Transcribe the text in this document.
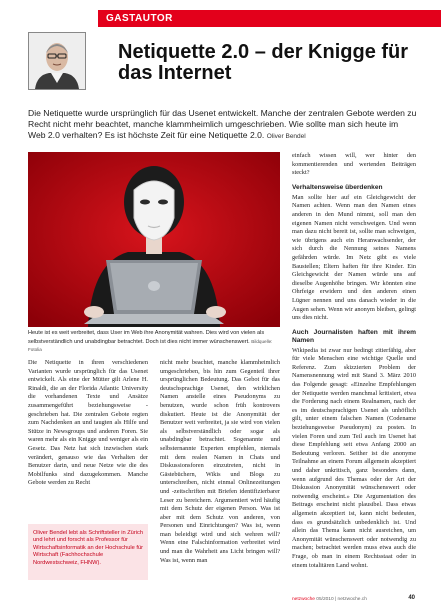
GASTAUTOR
Netiquette 2.0 – der Knigge für das Internet
Die Netiquette wurde ursprünglich für das Usenet entwickelt. Manche der zentralen Gebote werden zu Recht nicht mehr beachtet, manche klammheimlich umgeschrieben. Wie sollte man sich heute im Web 2.0 verhalten? Es ist höchste Zeit für eine Netiquette 2.0. Oliver Bendel
Heute ist es weit verbreitet, dass User im Web ihre Anonymität wahren. Dies wird von vielen als selbstverständlich und unabdingbar betrachtet. Doch ist dies nicht immer wünschenswert. Bildquelle: Fotolia

Die Netiquette in ihren verschiedenen Varianten wurde ursprünglich für das Usenet entwickelt. Als eine der Mütter gilt Arlene H. Rinaldi, die an der Florida Atlantic University die vorhandenen Texte und Ansätze zusammengeführt beziehungsweise -geschrieben hat. Die zentralen Gebote regten zum Nachdenken an und taugten als Hilfe und Stütze in Newsgroups und anderen Foren. Sie waren mehr als ein Knigge und weniger als ein Gesetz. Das Netz hat sich inzwischen stark verändert, genauso wie das Verhalten der Benutzer darin, und neue Netze wie die des Mobilfunks sind dazugekommen. Manche Gebote werden zu Recht

Oliver Bendel lebt als Schriftsteller in Zürich und lehrt und forscht als Professor für Wirtschaftsinformatik an der Hochschule für Wirtschaft (Fachhochschule Nordwestschweiz, FHNW).

nicht mehr beachtet, manche klammheimlich umgeschrieben, bis hin zum Gegenteil ihrer ursprünglichen Bedeutung. Das Gebot für das deutschsprachige Usenet, den wirklichen Namen anstelle eines Pseudonyms zu benutzen, wurde schon früh kontrovers diskutiert. Heute ist die Anonymität der Benutzer weit verbreitet, ja sie wird von vielen als selbstverständlich oder sogar als unabdingbar betrachtet. Sogenannte und selbsternannte Experten empfehlen, niemals mit dem realen Namen in Chats und Diskussionsforen einzutreten, nicht in Gästebüchern, Wikis und Blogs zu unterschreiben, nicht einmal Onlinezeitungen und -zeitschriften mit Briefen identifizierbarer Leser zu bereichern. Argumentiert wird häufig mit dem Schutz der eigenen Person. Was ist aber mit dem Schutz von anderen, von Personen und Einrichtungen? Was ist, wenn man beleidigt wird und sich wehren will? Wenn eine Falschinformation verbreitet wird und man die Wahrheit ans Licht bringen will? Was ist, wenn man

einfach wissen will, wer hinter den kommentierenden und wertenden Beiträgen steckt?

Verhaltensweise überdenken

Man sollte hier auf ein Gleichgewicht der Namen achten. Wenn man den Namen eines anderen in den Mund nimmt, soll man den eigenen Namen nicht verschweigen. Und wenn man dazu nicht bereit ist, sollte man schweigen, wie übrigens auch ein Heranwachsender, der sich durch die Nennung seines Namens gefährden würde. Im Netz gibt es viele Baustellen; Eltern haften für ihre Kinder. Ein Gleichgewicht der Namen würde uns auf dieselbe Augenhöhe bringen. Wir könnten eine Ohrfeige erwidern und den anderen einen Lügner nennen und uns danach wieder in die Augen sehen. Wenn wir anonym bleiben, gelingt uns dies nicht.

Auch Journalisten haften mit ihrem Namen

Wikipedia ist zwar nur bedingt zitierfähig, aber für viele Menschen eine wichtige Quelle und Referenz. Zum skizzierten Problem der Namensnennung wird mit Stand 3. März 2010 das Folgende gesagt: «Einzelne Empfehlungen der Netiquette werden manchmal kritisiert, etwa die Forderung nach einem Realnamen, nach der es im deutschsprachigen Usenet als unhöflich gilt, unter einem falschen Namen (Codename beziehungsweise Pseudonym) zu posten. In vielen Foren und zum Teil auch im Usenet hat diese Empfehlung seit etwa Anfang 2000 an Bedeutung verloren. Seither ist die anonyme Teilnahme an einem Forum allgemein akzeptiert und daher unkritisch, ganz besonders dann, wenn aufgrund des Themas oder der Art der Diskussion Anonymität wünschenswert oder notwendig erscheint.» Die Argumentation des Beitrags erscheint nicht plausibel. Dass etwas allgemein akzeptiert ist, kann nicht bedeuten, dass es grundsätzlich unbedenklich ist. Und allein das Thema kann nicht ausreichen, um Anonymität wünschenswert oder notwendig zu machen; betrachtet werden muss etwa auch die Frage, ob man in einem Rechtsstaat oder in einem totalitären Land wohnt.

netzwoche 05/2010 | netzwoche.ch	40
